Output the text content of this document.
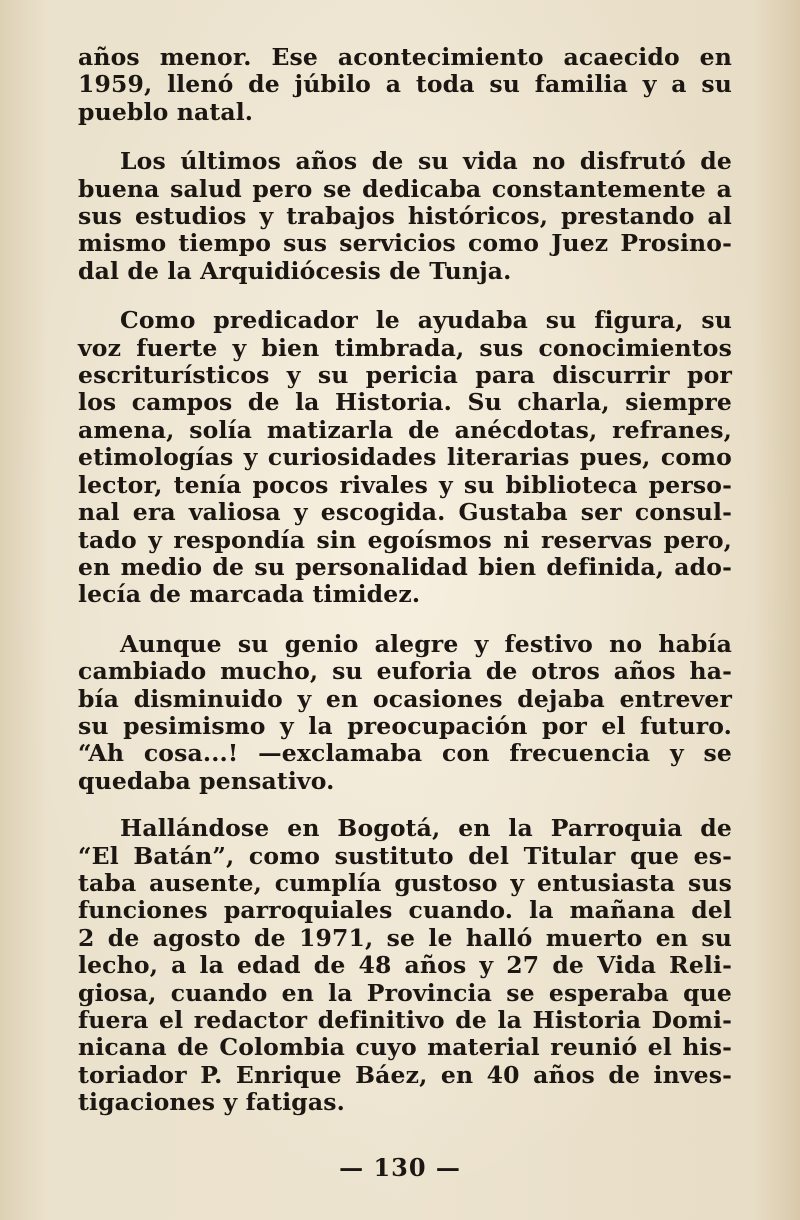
años menor. Ese acontecimiento acaecido en
1959, llenó de júbilo a toda su familia y a su
pueblo natal.
Los últimos años de su vida no disfrutó de
buena salud pero se dedicaba constantemente a
sus estudios y trabajos históricos, prestando al
mismo tiempo sus servicios como Juez Prosino-
dal de la Arquidiócesis de Tunja.
Como predicador le ayudaba su figura, su
voz fuerte y bien timbrada, sus conocimientos
escriturísticos y su pericia para discurrir por
los campos de la Historia. Su charla, siempre
amena, solía matizarla de anécdotas, refranes,
etimologías y curiosidades literarias pues, como
lector, tenía pocos rivales y su biblioteca perso-
nal era valiosa y escogida. Gustaba ser consul-
tado y respondía sin egoísmos ni reservas pero,
en medio de su personalidad bien definida, ado-
lecía de marcada timidez.
Aunque su genio alegre y festivo no había
cambiado mucho, su euforia de otros años ha-
bía disminuido y en ocasiones dejaba entrever
su pesimismo y la preocupación por el futuro.
“Ah cosa...! —exclamaba con frecuencia y se
quedaba pensativo.
Hallándose en Bogotá, en la Parroquia de
“El Batán”, como sustituto del Titular que es-
taba ausente, cumplía gustoso y entusiasta sus
funciones parroquiales cuando. la mañana del
2 de agosto de 1971, se le halló muerto en su
lecho, a la edad de 48 años y 27 de Vida Reli-
giosa, cuando en la Provincia se esperaba que
fuera el redactor definitivo de la Historia Domi-
nicana de Colombia cuyo material reunió el his-
toriador P. Enrique Báez, en 40 años de inves-
tigaciones y fatigas.
— 130 —
